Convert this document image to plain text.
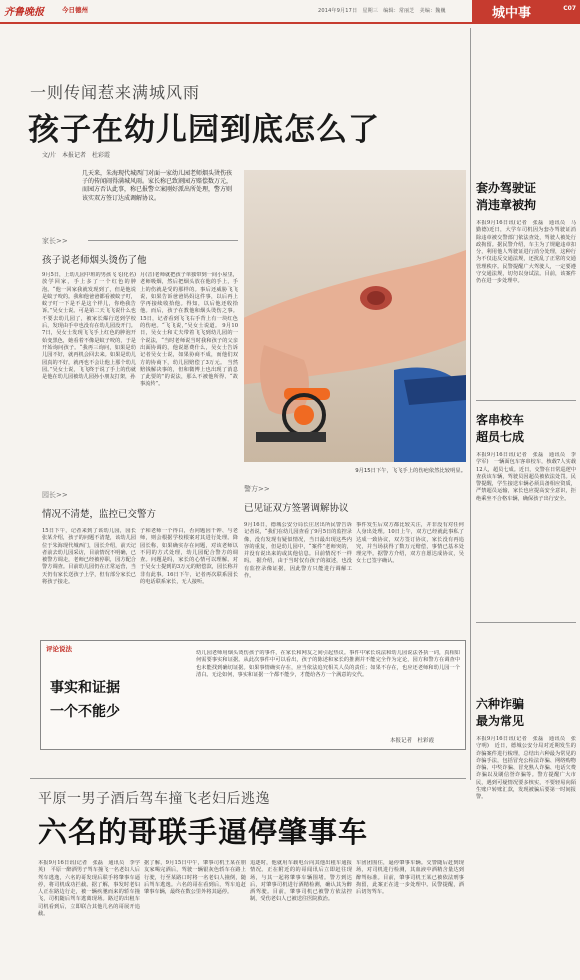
齐鲁晚报	今日德州	2014年9月17日　星期三　编辑：常丽芝　美编：魏巍	城中事	C07
一则传闻惹来满城风雨
孩子在幼儿园到底怎么了
文/片　本报记者　杜彩霞
几天来，朱海现代城西门对面一家幼儿园老师烟头烫伤孩子的传闻闹得满城风雨。家长称已致割园方赔偿数万元，而园方否认此事，称已报警立案刚好派出所处理，警方则该实双方签订达成调解协议。
家长>>
孩子说老师烟头烫伤了他
9月5日，上幼儿园中班的男孩飞飞(化名)放学回家，手上多了一个红色的肿泡。“他一回家我就发现到了，但是他说是蚊子咬的。我和他爸爸都看被蚊子叮，蚊子叮一下是不是这个样儿，你绝我告诉。”吴女士说。可是第二天飞飞说什么也不要去幼儿园了，被家长爆行送到学校后，发现由手中也没有在幼儿园没开门。7日，吴女士发现飞飞手上红色的肿泡开始变黑色，她看着不像是蚊子咬的，于是开始询问孩子。“我再三询问，如果是幼儿园不好，就再机会回去来。如果是幼儿园真的不好，就再也不会让他上那个幼儿园。”吴女士说，飞飞终于说了手上的伤就是他在幼儿园被幼儿园孙小朋友打架，孙
月(音)老师就把孩子单独带到一间小屋里，老师吸烟，然后把烟头放在他的手上，手上的伤就是受的那样的。事后还威胁飞飞说，如果告诉爸爸妈妈这件事，以后再上学再接续收拾他。得知，以后他还收拾他。而后，孩子在教他和烟头烫伤之事。 15日，记者看到飞飞右手背上有一块红色的伤疤。“飞飞说，”吴女士说道。 9月10日，吴女士和丈夫带着飞飞到幼儿园的一个说法，“当时老师说当时我和孩子的父亲出面协调的，他说愿费什么，吴女士告诉记者吴女士说，如果协商不成，而他们双方的协商下，幼儿园赔偿了3万元。 当然赔钱解决事的，但和微博上也出现了消息了此要的”的说法，那么不被他所得、“故事流传”。
9月15日下午，飞飞手上的伤疤依然比较明显。
园长>>
情况不清楚，监控已交警方
15日下午，记者来到了该幼儿园，园长张某介绍，孩子的问题不清楚，该幼儿园位于朱海现代城西门，园长介绍，前天记者前去幼儿园采访，目前情况不明确，已被警方调走，老师已经被停职，园方配合警方调查。目前幼儿园仍在正常运营，当天仍有家长送孩子上学，但有部分家长已将孩子接走。
子和老师一个得白，否问题因千钟、与老师，则会根据学校根案对其进行处理。降园长称，如果确实存在问题，对该老师以不同的方式处理，幼儿园配合警方的调查。问题是吗，家长的心情可以理解。对于吴女士提到的3万元的赔偿款，园长称并非有此事。16日下午，记者再次联系园长的电话联系家长，无人接听。
警方>>
已见证双方签署调解协议
9月16日，德城公安分局长庄居出所民警告诉记者说，“我们在幼儿园查看了9月5日的监控录像，没有发现有疑似情况，当日最出现这些内容的重复，但是幼儿园中，“案件”老师突的，并没有说出来的或其他信息。目前情况不一样吗。 据介绍，由于当时仅有孩子的叙述，也没有监控录像证据，因此警方只能进行调解工作。
事件发生后双方都比较关注，并非没有对任何人身出处理。10日上午，双方已经就此事私了达成一致协议，双方签订协议，家长没有再追究，并当场获得了数万元赔偿，事情已基本处理完毕。据警方介绍，双方自愿达成协议，吴女士已签字确认。
评论说法
事实和证据
一个不能少
幼儿园老师用烟头烫伤孩子的事件，在家长和网友之间引起热议。事件中家长说法和幼儿园说法各执一词，真相如何需要事实和证据。从此次事件中可以看出，孩子的陈述和家长的推测并不能完全作为定论，园方和警方在调查中也未能找到确切证据。如果事情确实存在，应当依法追究相关人员的责任；如果不存在，也应还老师和幼儿园一个清白。无论如何，事实和证据一个都不能少，才能给各方一个满意的交代。
本报记者　杜彩霞
套办驾驶证
消违章被拘
本报9月16日讯(记者　张磊　通讯员　马勤德)近日，大学车司机因为套办驾驶证消除违章被交警部门依法查处，驾驶人被处行政拘留。据民警介绍，车主为了规避违章扣分，利用他人驾驶证进行消分处理，这种行为不仅违反交通法规，还扰乱了正常的交通管理秩序。民警提醒广大驾驶人，一定要遵守交通法规，切勿以身试法。目前，该案件仍在进一步处理中。
客串校车
超员七成
本报9月16日讯(记者　张磊　通讯员　李学军)　一辆面包车客串校车，核载7人实载12人，超员七成。近日，交警在日常巡逻中查获该车辆，驾驶员因超员被依法处罚。民警提醒，学生接送车辆必须具备相应资质，严禁超员运输，家长也应提高安全意识，拒绝乘坐不合格车辆，确保孩子出行安全。
六种诈骗
最为常见
本报9月16日讯(记者　张磊　通讯员　张守明)　近日，德城公安分局对近期发生的诈骗案件进行梳理，总结出六种最为常见的诈骗手法，包括冒充公检法诈骗、网络购物诈骗、中奖诈骗、冒充熟人诈骗、电话欠费诈骗以及刷信誉诈骗等。警方提醒广大市民，遇到可疑情况要多核实，不要轻易向陌生账户转账汇款，发现被骗后要第一时间报警。
平原一男子酒后驾车撞飞老妇后逃逸
六名的哥联手逼停肇事车
本报9月16日讯(记者　张磊　通讯员　李学英)　平原一醉酒男子驾车撞飞一名老妇人后驾车逃逸，六名的哥发现后联手将肇事车逼停，将司机成功拦截。据了解，事发时老妇人正在路边行走，被一辆疾驰而来的轿车撞飞，司机随后驾车逃离现场。路过的出租车司机看到后，立即联合其他几名的哥展开追截。
据了解，9月15日中午，肇事司机王某在朋友家喝完酒后，驾驶一辆银灰色轿车在路上行驶，行至某路口时将一名老妇人撞倒，随后驾车逃逸。六名的哥在看到后，驾车追赶肇事车辆，最终在数公里外将其逼停。
追逐时，他就用车载电台向其他出租车通报情况。正在附近的的哥闻讯后立即赶往现场，与其一起将肇事车辆围堵。警方到达后，对肇事司机进行酒精检测，确认其为醉酒驾驶。目前，肇事司机已被警方依法控制，受伤老妇人已被送往医院救治。
车团团围住，逼停肇事车辆。交警随后赶到现场，对司机进行检测，其血液中酒精含量达到醉驾标准。目前，肇事司机王某已被依法刑事拘留，此案正在进一步处理中。民警提醒，酒后切勿驾车。
